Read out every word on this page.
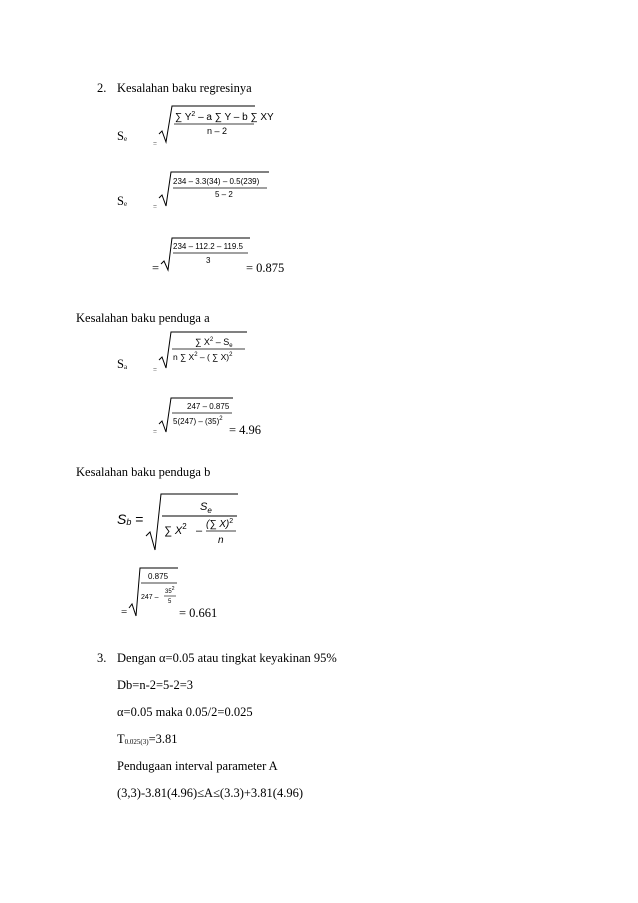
2. Kesalahan baku regresinya
$S_e$
=
∑ $Y^2$ – a ∑ Y – b ∑ XY
n – 2
$S_e$	=
234 – 3.3(34) – 0.5(239)
5 – 2
=
234 – 112.2 – 119.5
3
= 0.875
Kesalahan baku penduga a
$S_a$	=
∑ $X^2 - S_e$
n ∑ $X^2$ – ( ∑ X)$^2$
=
247 – 0.875
$5(247) - (35)^2$
= 4.96
Kesalahan baku penduga b
$S_b$ =
$S_e$
∑ $X^2$ –
(∑ X)$^2$
n
=
0.875
247 –
$35^2$
5
= 0.661
3. Dengan α=0.05 atau tingkat keyakinan 95%
Db=n-2=5-2=3
α=0.05 maka 0.05/2=0.025
$T_{0.025(3)}=3.81$
Pendugaan interval parameter A
(3,3)-3.81(4.96)≤A≤(3.3)+3.81(4.96)
